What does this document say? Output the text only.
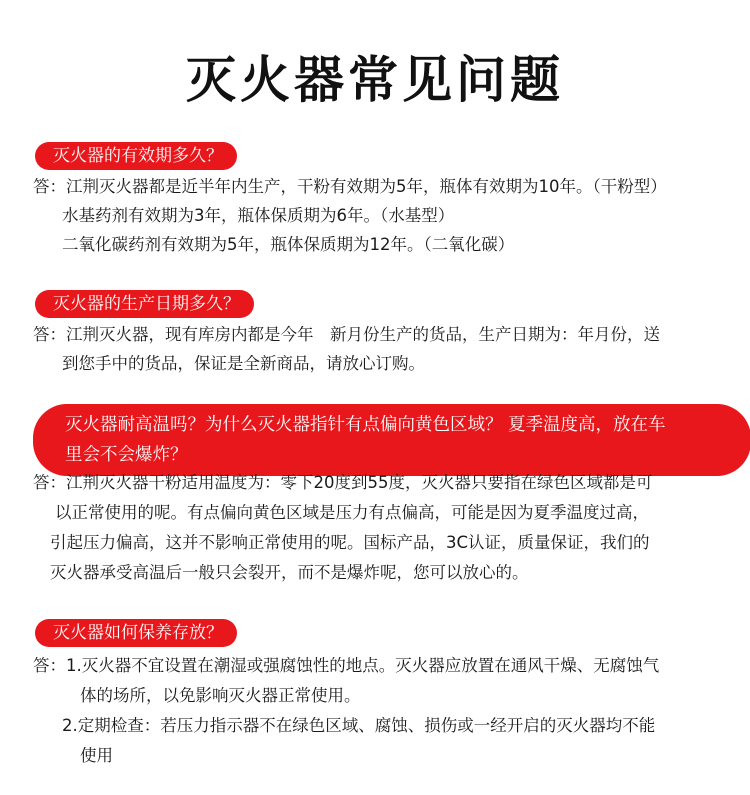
灭火器常见问题
灭火器的有效期多久？
答：江荆灭火器都是近半年内生产，干粉有效期为5年，瓶体有效期为10年。（干粉型）
水基药剂有效期为3年，瓶体保质期为6年。（水基型）
二氧化碳药剂有效期为5年，瓶体保质期为12年。（二氧化碳）
灭火器的生产日期多久？
答：江荆灭火器，现有库房内都是今年　新月份生产的货品，生产日期为：年月份，送
到您手中的货品，保证是全新商品，请放心订购。
灭火器耐高温吗？为什么灭火器指针有点偏向黄色区域？ 夏季温度高，放在车
里会不会爆炸？
答：江荆灭火器干粉适用温度为：零下20度到55度，灭火器只要指在绿色区域都是可
以正常使用的呢。有点偏向黄色区域是压力有点偏高，可能是因为夏季温度过高，
引起压力偏高，这并不影响正常使用的呢。国标产品，3C认证，质量保证，我们的
灭火器承受高温后一般只会裂开，而不是爆炸呢，您可以放心的。
灭火器如何保养存放？
答：1.灭火器不宜设置在潮湿或强腐蚀性的地点。灭火器应放置在通风干燥、无腐蚀气
体的场所，以免影响灭火器正常使用。
2.定期检查：若压力指示器不在绿色区域、腐蚀、损伤或一经开启的灭火器均不能
使用
